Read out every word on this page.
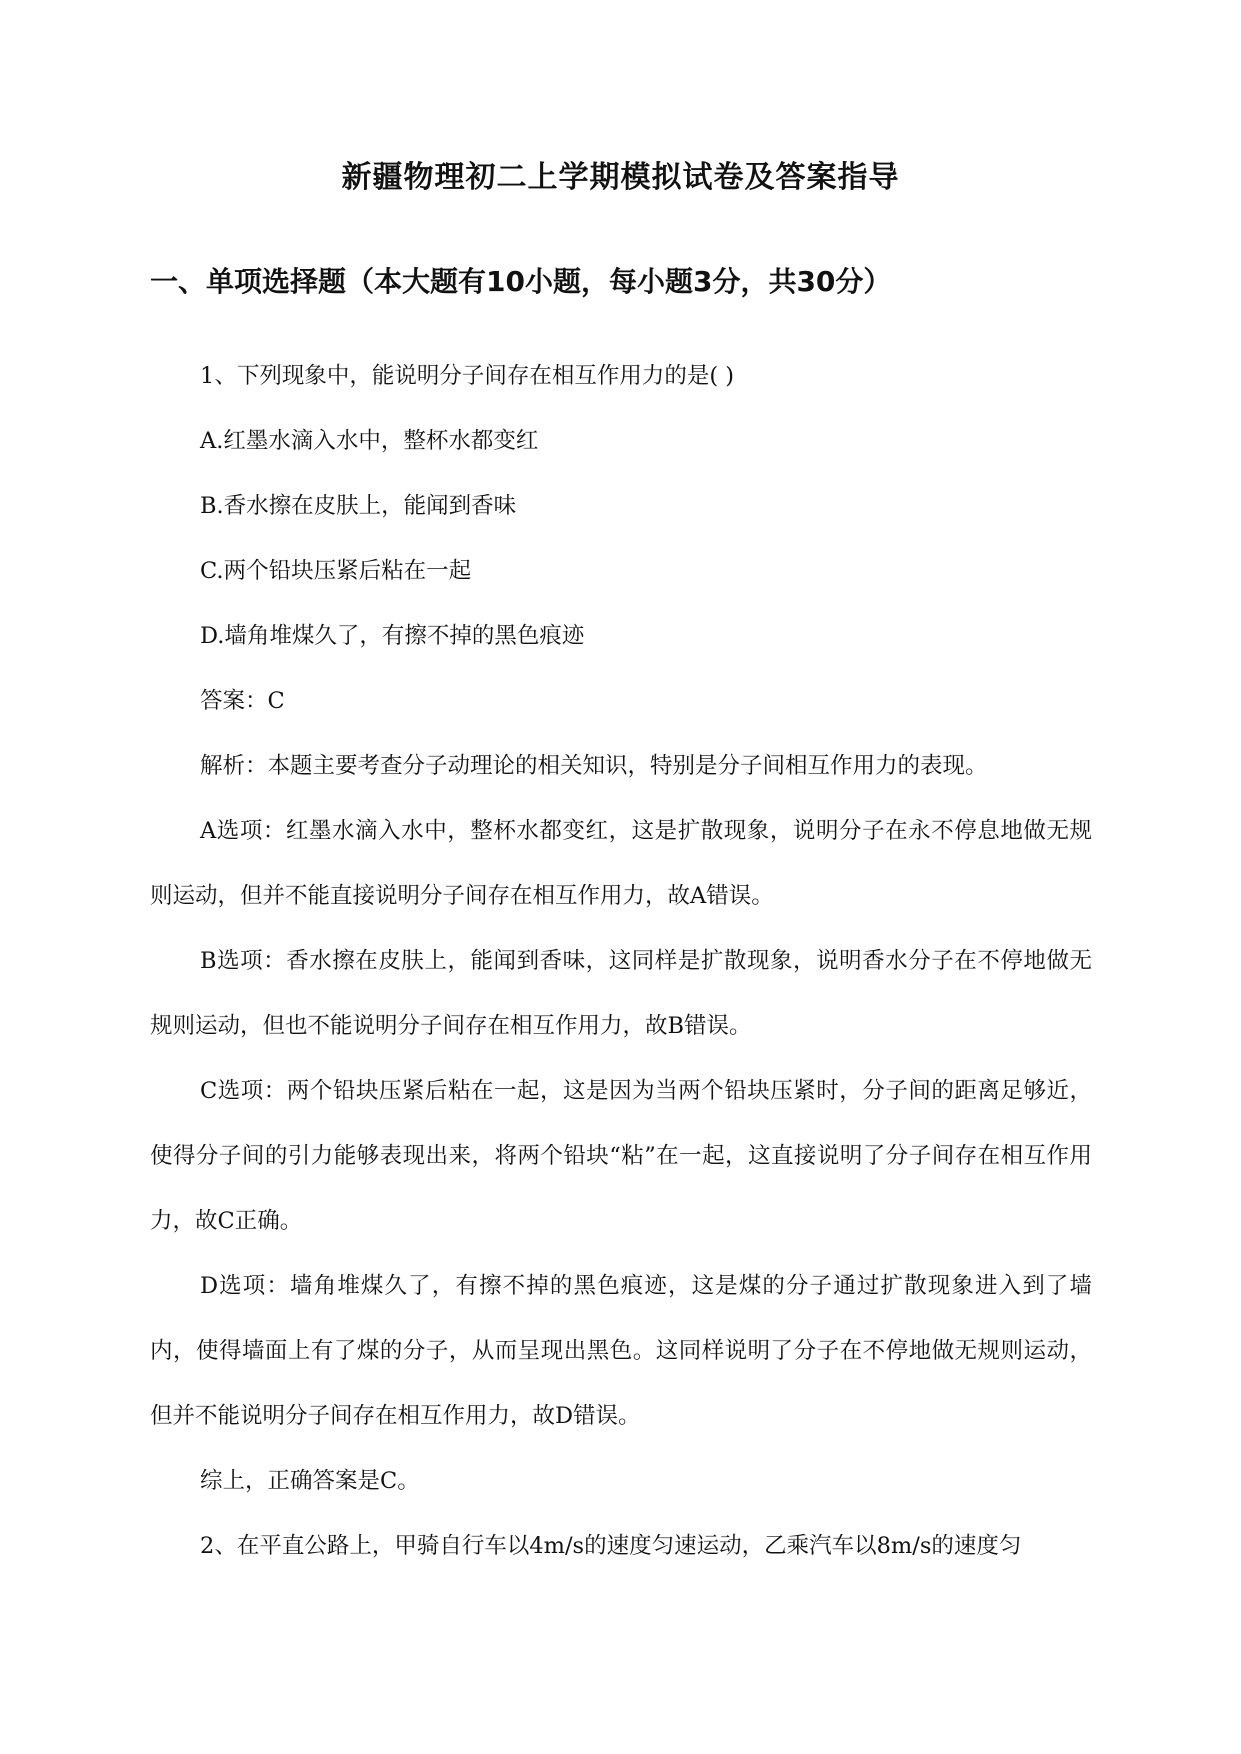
新疆物理初二上学期模拟试卷及答案指导
一、单项选择题（本大题有10小题，每小题3分，共30分）

1、下列现象中，能说明分子间存在相互作用力的是( )

A.红墨水滴入水中，整杯水都变红

B.香水擦在皮肤上，能闻到香味

C.两个铅块压紧后粘在一起

D.墙角堆煤久了，有擦不掉的黑色痕迹

答案：C

解析：本题主要考查分子动理论的相关知识，特别是分子间相互作用力的表现。

A选项：红墨水滴入水中，整杯水都变红，这是扩散现象，说明分子在永不停息地做无规则运动，但并不能直接说明分子间存在相互作用力，故A错误。

B选项：香水擦在皮肤上，能闻到香味，这同样是扩散现象，说明香水分子在不停地做无规则运动，但也不能说明分子间存在相互作用力，故B错误。

C选项：两个铅块压紧后粘在一起，这是因为当两个铅块压紧时，分子间的距离足够近，使得分子间的引力能够表现出来，将两个铅块“粘”在一起，这直接说明了分子间存在相互作用力，故C正确。

D选项：墙角堆煤久了，有擦不掉的黑色痕迹，这是煤的分子通过扩散现象进入到了墙内，使得墙面上有了煤的分子，从而呈现出黑色。这同样说明了分子在不停地做无规则运动，但并不能说明分子间存在相互作用力，故D错误。

综上，正确答案是C。

2、在平直公路上，甲骑自行车以4m/s的速度匀速运动，乙乘汽车以8m/s的速度匀
